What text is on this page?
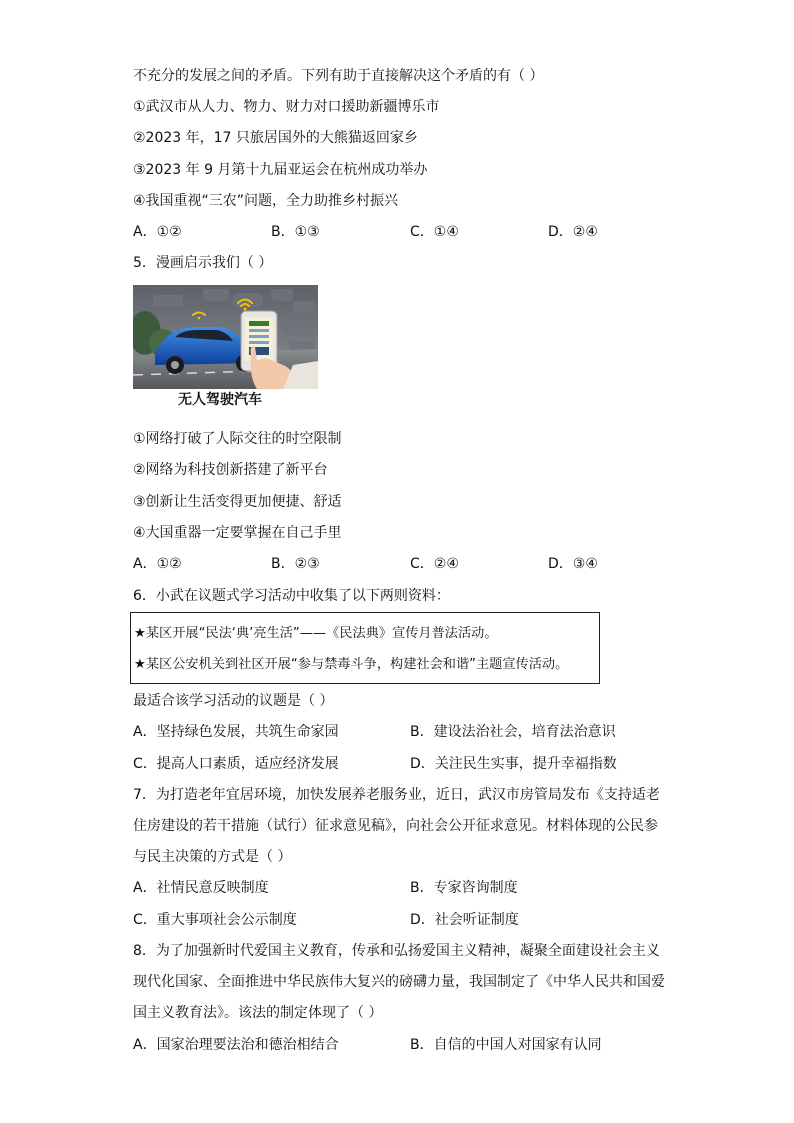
不充分的发展之间的矛盾。下列有助于直接解决这个矛盾的有（ ）
①武汉市从人力、物力、财力对口援助新疆博乐市
②2023 年，17 只旅居国外的大熊猫返回家乡
③2023 年 9 月第十九届亚运会在杭州成功举办
④我国重视“三农”问题，全力助推乡村振兴
A．①②	B．①③	C．①④	D．②④
5．漫画启示我们（ ）
无人驾驶汽车
①网络打破了人际交往的时空限制
②网络为科技创新搭建了新平台
③创新让生活变得更加便捷、舒适
④大国重器一定要掌握在自己手里
A．①②	B．②③	C．②④	D．③④
6．小武在议题式学习活动中收集了以下两则资料：
★某区开展“民法‘典’亮生活”——《民法典》宣传月普法活动。
★某区公安机关到社区开展“参与禁毒斗争，构建社会和谐”主题宣传活动。
最适合该学习活动的议题是（ ）
A．坚持绿色发展，共筑生命家园	B．建设法治社会，培育法治意识
C．提高人口素质，适应经济发展	D．关注民生实事，提升幸福指数
7．为打造老年宜居环境，加快发展养老服务业，近日，武汉市房管局发布《支持适老
住房建设的若干措施（试行）征求意见稿》，向社会公开征求意见。材料体现的公民参
与民主决策的方式是（ ）
A．社情民意反映制度	B．专家咨询制度
C．重大事项社会公示制度	D．社会听证制度
8．为了加强新时代爱国主义教育，传承和弘扬爱国主义精神，凝聚全面建设社会主义
现代化国家、全面推进中华民族伟大复兴的磅礴力量，我国制定了《中华人民共和国爱
国主义教育法》。该法的制定体现了（ ）
A．国家治理要法治和德治相结合	B．自信的中国人对国家有认同
